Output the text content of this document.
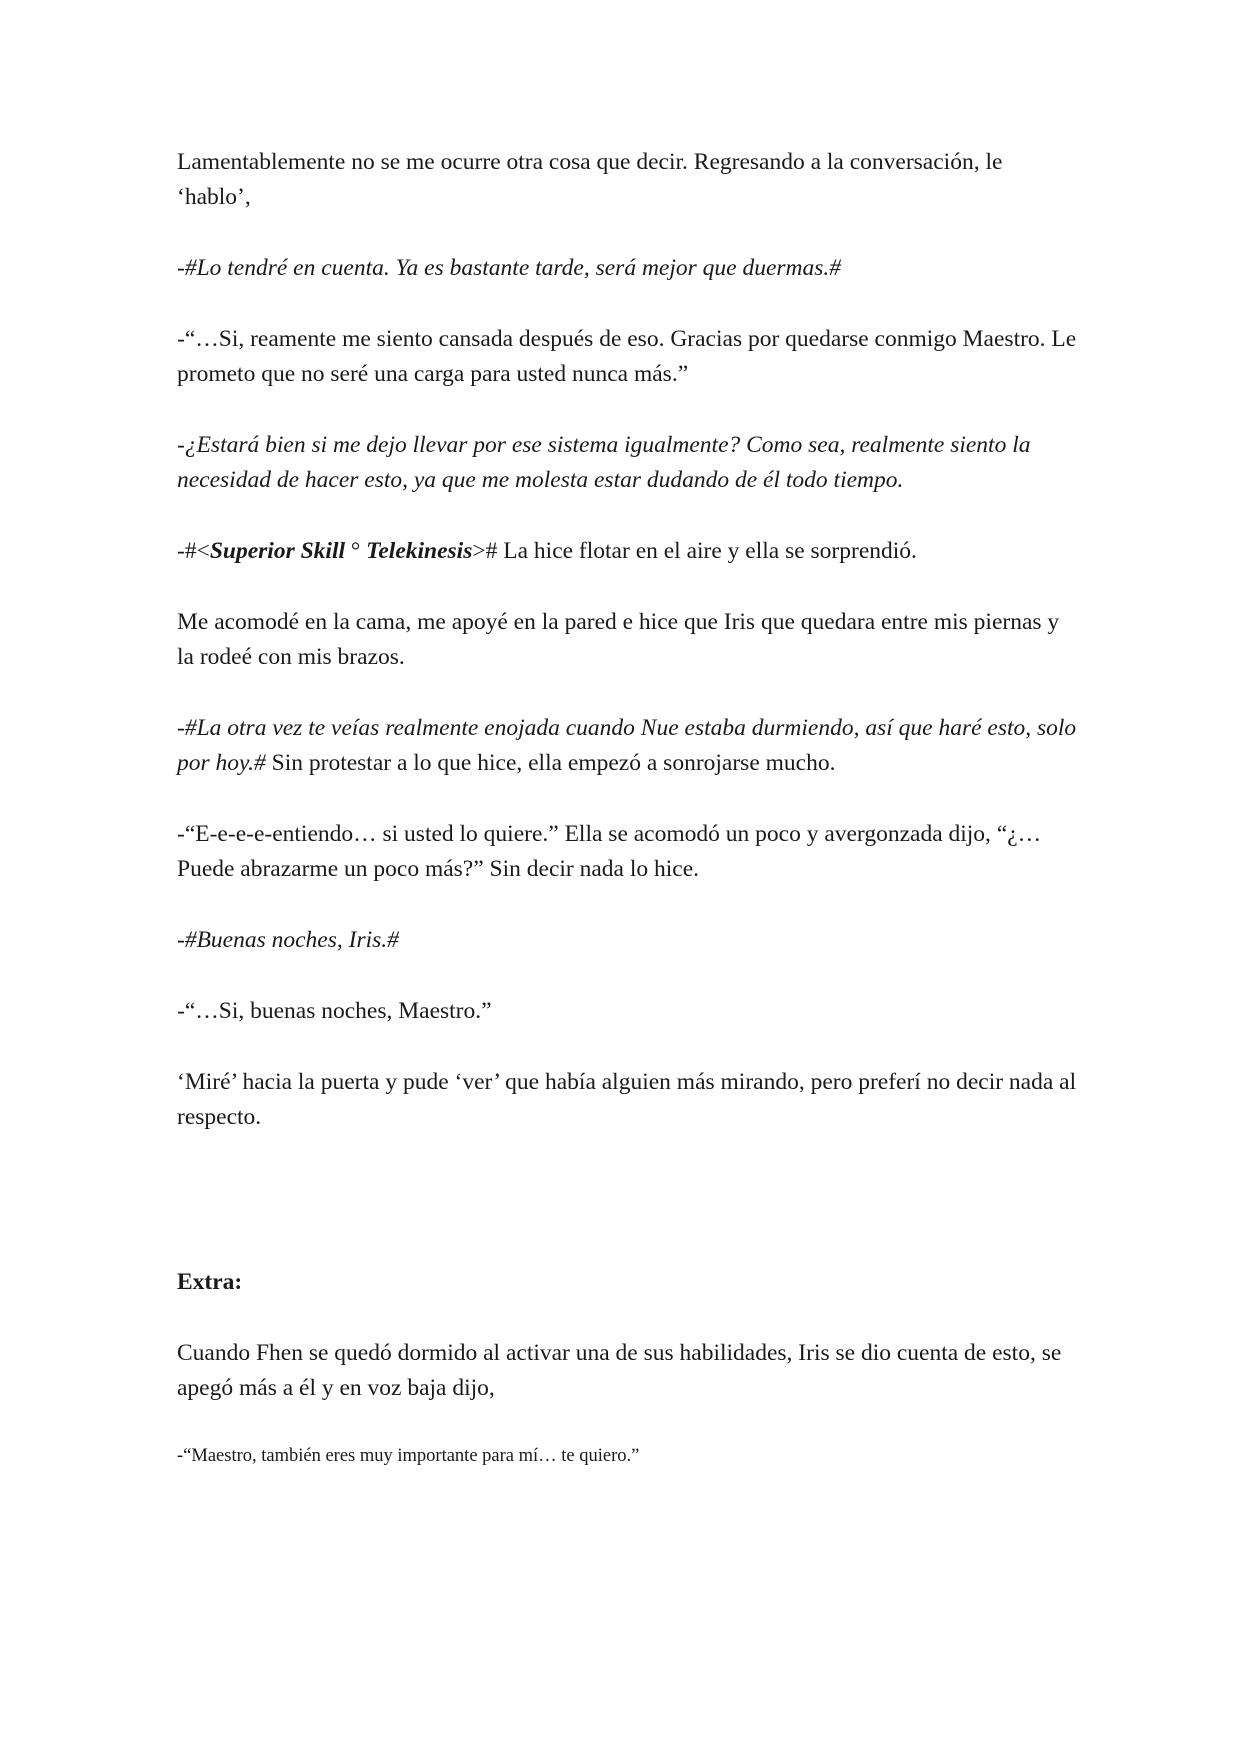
Lamentablemente no se me ocurre otra cosa que decir. Regresando a la conversación, le ‘hablo’,

-#Lo tendré en cuenta. Ya es bastante tarde, será mejor que duermas.#

-“…Si, reamente me siento cansada después de eso. Gracias por quedarse conmigo Maestro. Le prometo que no seré una carga para usted nunca más.”

-¿Estará bien si me dejo llevar por ese sistema igualmente? Como sea, realmente siento la necesidad de hacer esto, ya que me molesta estar dudando de él todo tiempo.

-#<Superior Skill ° Telekinesis># La hice flotar en el aire y ella se sorprendió.

Me acomodé en la cama, me apoyé en la pared e hice que Iris que quedara entre mis piernas y la rodeé con mis brazos.

-#La otra vez te veías realmente enojada cuando Nue estaba durmiendo, así que haré esto, solo por hoy.# Sin protestar a lo que hice, ella empezó a sonrojarse mucho.

-“E-e-e-e-entiendo… si usted lo quiere.” Ella se acomodó un poco y avergonzada dijo, “¿…Puede abrazarme un poco más?” Sin decir nada lo hice.

-#Buenas noches, Iris.#

-“…Si, buenas noches, Maestro.”

‘Miré’ hacia la puerta y pude ‘ver’ que había alguien más mirando, pero preferí no decir nada al respecto.

Extra:

Cuando Fhen se quedó dormido al activar una de sus habilidades, Iris se dio cuenta de esto, se apegó más a él y en voz baja dijo,

-“Maestro, también eres muy importante para mí… te quiero.”
